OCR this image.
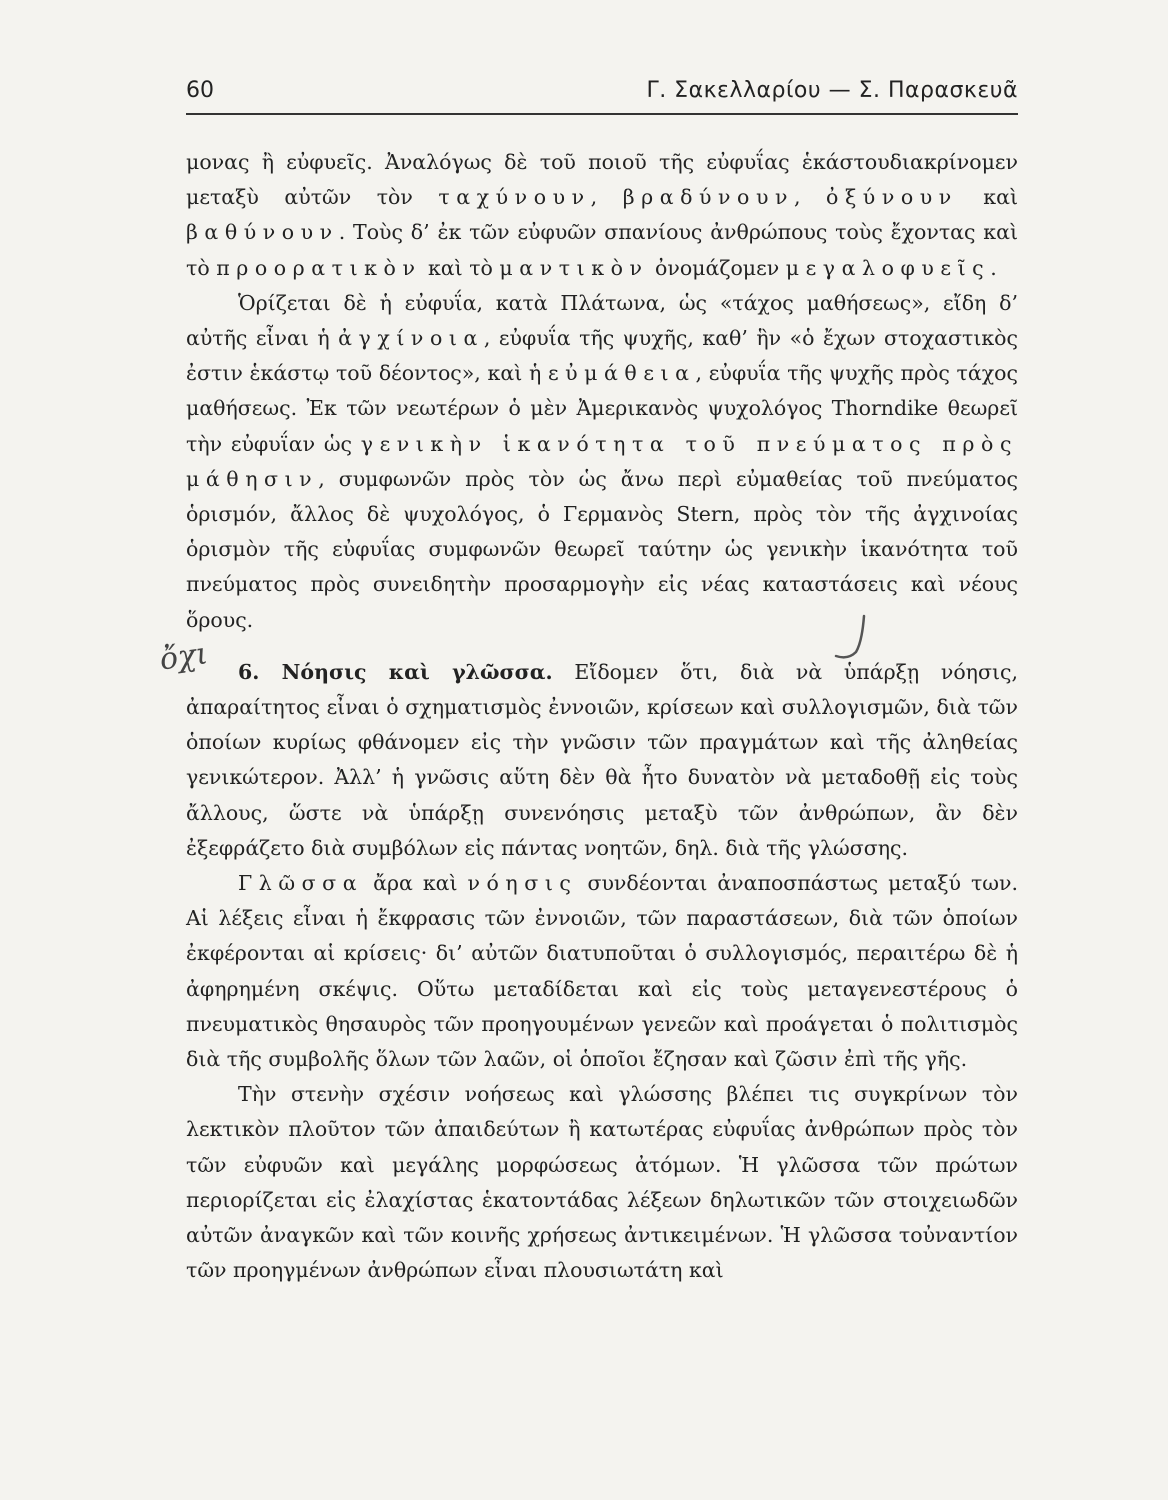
60	Γ. Σακελλαρίου — Σ. Παρασκευᾶ

μονας ἢ εὐφυεῖς. Ἀναλόγως δὲ τοῦ ποιοῦ τῆς εὐφυΐας ἑκάστουδιακρίνομεν μεταξὺ αὐτῶν τὸν ταχύνουν, βραδύνουν, ὀξύνουν καὶ βαθύνουν. Τοὺς δ’ ἐκ τῶν εὐφυῶν σπανίους ἀνθρώπους τοὺς ἔχοντας καὶ τὸ προορατικὸν καὶ τὸ μαντικὸν ὀνομάζομεν μεγαλοφυεῖς.

Ὁρίζεται δὲ ἡ εὐφυΐα, κατὰ Πλάτωνα, ὡς «τάχος μαθήσεως», εἴδη δ’ αὐτῆς εἶναι ἡ ἀγχίνοια, εὐφυΐα τῆς ψυχῆς, καθ’ ἣν «ὁ ἔχων στοχαστικὸς ἐστιν ἑκάστῳ τοῦ δέοντος», καὶ ἡ εὐμάθεια, εὐφυΐα τῆς ψυχῆς πρὸς τάχος μαθήσεως. Ἐκ τῶν νεωτέρων ὁ μὲν Ἀμερικανὸς ψυχολόγος Thorndike θεωρεῖ τὴν εὐφυΐαν ὡς γενικὴν ἱκανότητα τοῦ πνεύματος πρὸς μάθησιν, συμφωνῶν πρὸς τὸν ὡς ἄνω περὶ εὐμαθείας τοῦ πνεύματος ὁρισμόν, ἄλλος δὲ ψυχολόγος, ὁ Γερμανὸς Stern, πρὸς τὸν τῆς ἀγχινοίας ὁρισμὸν τῆς εὐφυΐας συμφωνῶν θεωρεῖ ταύτην ὡς γενικὴν ἱκανότητα τοῦ πνεύματος πρὸς συνειδητὴν προσαρμογὴν εἰς νέας καταστάσεις καὶ νέους ὅρους.

ὄχι 6. Νόησις καὶ γλῶσσα. Εἴδομεν ὅτι, διὰ νὰ ὑπάρξῃ νόησις, ἀπαραίτητος εἶναι ὁ σχηματισμὸς ἐννοιῶν, κρίσεων καὶ συλλογισμῶν, διὰ τῶν ὁποίων κυρίως φθάνομεν εἰς τὴν γνῶσιν τῶν πραγμάτων καὶ τῆς ἀληθείας γενικώτερον. Ἀλλ’ ἡ γνῶσις αὕτη δὲν θὰ ἦτο δυνατὸν νὰ μεταδοθῇ εἰς τοὺς ἄλλους, ὥστε νὰ ὑπάρξῃ συνενόησις μεταξὺ τῶν ἀνθρώπων, ἂν δὲν ἐξεφράζετο διὰ συμβόλων εἰς πάντας νοητῶν, δηλ. διὰ τῆς γλώσσης.

Γλῶσσα ἄρα καὶ νόησις συνδέονται ἀναποσπάστως μεταξύ των. Αἱ λέξεις εἶναι ἡ ἔκφρασις τῶν ἐννοιῶν, τῶν παραστάσεων, διὰ τῶν ὁποίων ἐκφέρονται αἱ κρίσεις· δι’ αὐτῶν διατυποῦται ὁ συλλογισμός, περαιτέρω δὲ ἡ ἀφηρημένη σκέψις. Οὕτω μεταδίδεται καὶ εἰς τοὺς μεταγενεστέρους ὁ πνευματικὸς θησαυρὸς τῶν προηγουμένων γενεῶν καὶ προάγεται ὁ πολιτισμὸς διὰ τῆς συμβολῆς ὅλων τῶν λαῶν, οἱ ὁποῖοι ἔζησαν καὶ ζῶσιν ἐπὶ τῆς γῆς.

Τὴν στενὴν σχέσιν νοήσεως καὶ γλώσσης βλέπει τις συγκρίνων τὸν λεκτικὸν πλοῦτον τῶν ἀπαιδεύτων ἢ κατωτέρας εὐφυΐας ἀνθρώπων πρὸς τὸν τῶν εὐφυῶν καὶ μεγάλης μορφώσεως ἀτόμων. Ἡ γλῶσσα τῶν πρώτων περιορίζεται εἰς ἐλαχίστας ἑκατοντάδας λέξεων δηλωτικῶν τῶν στοιχειωδῶν αὐτῶν ἀναγκῶν καὶ τῶν κοινῆς χρήσεως ἀντικειμένων. Ἡ γλῶσσα τοὐναντίον τῶν προηγμένων ἀνθρώπων εἶναι πλουσιωτάτη καὶ
